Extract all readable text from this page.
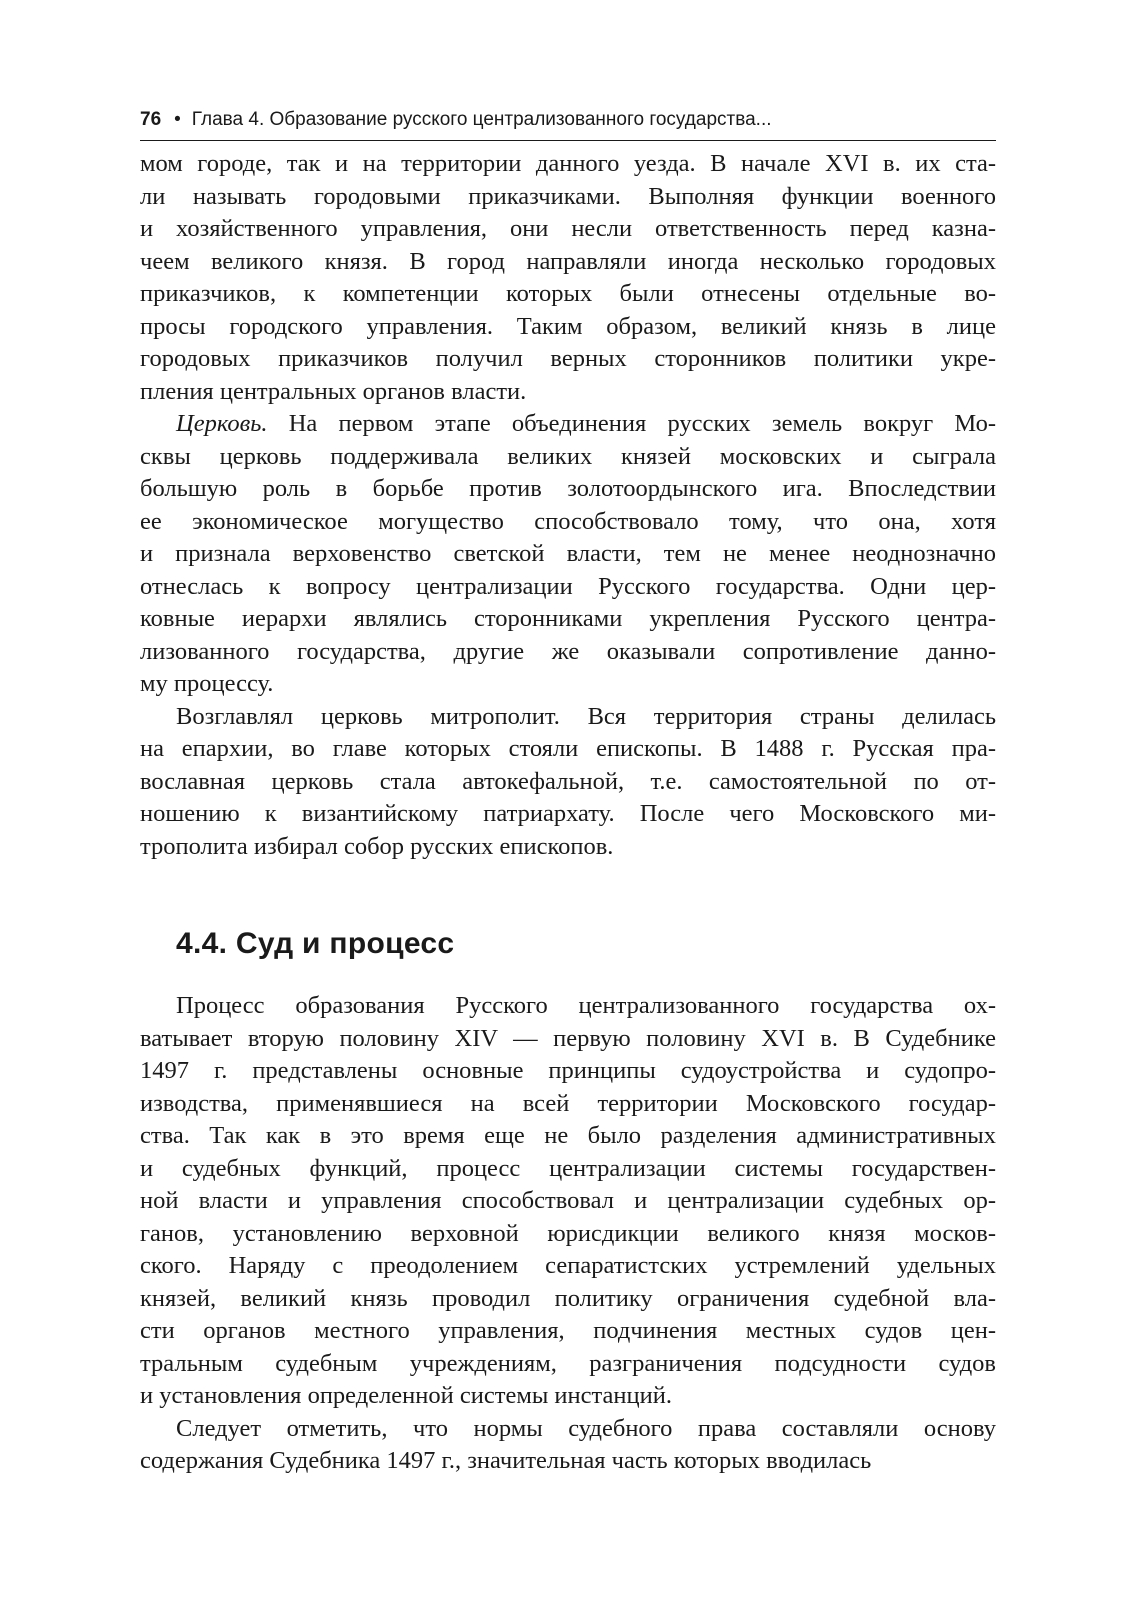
76 • Глава 4. Образование русского централизованного государства...
мом городе, так и на территории данного уезда. В начале XVI в. их ста-
ли называть городовыми приказчиками. Выполняя функции военного
и хозяйственного управления, они несли ответственность перед казна-
чеем великого князя. В город направляли иногда несколько городовых
приказчиков, к компетенции которых были отнесены отдельные во-
просы городского управления. Таким образом, великий князь в лице
городовых приказчиков получил верных сторонников политики укре-
пления центральных органов власти.
Церковь. На первом этапе объединения русских земель вокруг Мо-
сквы церковь поддерживала великих князей московских и сыграла
большую роль в борьбе против золотоордынского ига. Впоследствии
ее экономическое могущество способствовало тому, что она, хотя
и признала верховенство светской власти, тем не менее неоднозначно
отнеслась к вопросу централизации Русского государства. Одни цер-
ковные иерархи являлись сторонниками укрепления Русского центра-
лизованного государства, другие же оказывали сопротивление данно-
му процессу.
Возглавлял церковь митрополит. Вся территория страны делилась
на епархии, во главе которых стояли епископы. В 1488 г. Русская пра-
вославная церковь стала автокефальной, т.е. самостоятельной по от-
ношению к византийскому патриархату. После чего Московского ми-
трополита избирал собор русских епископов.
4.4. Суд и процесс
Процесс образования Русского централизованного государства ох-
ватывает вторую половину XIV — первую половину XVI в. В Судебнике
1497 г. представлены основные принципы судоустройства и судопро-
изводства, применявшиеся на всей территории Московского государ-
ства. Так как в это время еще не было разделения административных
и судебных функций, процесс централизации системы государствен-
ной власти и управления способствовал и централизации судебных ор-
ганов, установлению верховной юрисдикции великого князя москов-
ского. Наряду с преодолением сепаратистских устремлений удельных
князей, великий князь проводил политику ограничения судебной вла-
сти органов местного управления, подчинения местных судов цен-
тральным судебным учреждениям, разграничения подсудности судов
и установления определенной системы инстанций.
Следует отметить, что нормы судебного права составляли основу
содержания Судебника 1497 г., значительная часть которых вводилась
